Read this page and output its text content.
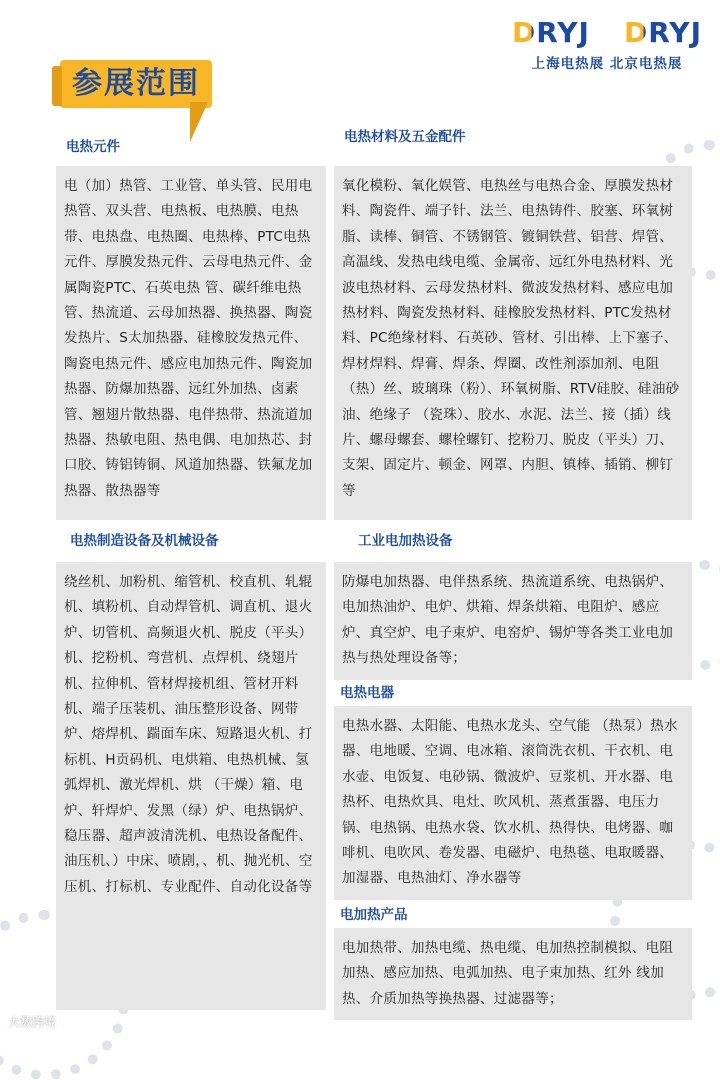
DRYJ DRYJ
上海电热展 北京电热展
参展范围
电热元件

电（加）热管、工业管、单头管、民用电热管、双头营、电热板、电热膜、电热带、电热盘、电热圈、电热棒、PTC电热元件、厚膜发热元件、云母电热元件、金属陶瓷PTC、石英电热 管、碳纤维电热管、热流道、云母加热器、换热器、陶瓷发热片、S太加热器、硅橡胶发热元件、陶瓷电热元件、感应电加热元件、陶瓷加热器、防爆加热器、远红外加热、卤素管、翘翅片散热器、电伴热带、热流道加热器、热敏电阻、热电偶、电加热芯、封口胶、铸铝铸铜、风道加热器、铁氟龙加热器、散热器等

电热材料及五金配件

氧化模粉、氧化娱管、电热丝与电热合金、厚膜发热材料、陶瓷件、端子针、法兰、电热铸件、胶塞、环氧树脂、读棒、铜管、不锈钢管、镀铜铁营、铝营、焊管、高温线、发热电线电缆、金属帝、远红外电热材料、光波电热材料、云母发热材料、微波发热材料、感应电加热材料、陶瓷发热材料、硅橡胶发热材料、PTC发热材料、PC绝缘材料、石英砂、管材、引出棒、上下塞子、焊材焊料、焊膏、焊条、焊圈、改性剂添加剂、电阻 （热）丝、玻璃珠（粉）、环氧树脂、RTV硅胶、硅油砂油、绝缘子 （瓷珠）、胶水、水泥、法兰、接（插）线片、螺母螺套、螺栓螺钉、挖粉刀、脱皮（平头）刀、支架、固定片、顿金、网罩、内胆、镇棒、插销、柳钉等

电热制造设备及机械设备

绕丝机、加粉机、缩管机、校直机、轧辊机、填粉机、自动焊管机、调直机、退火炉、切管机、高频退火机、脱皮（平头）机、挖粉机、弯营机、点焊机、绕翅片机、拉伸机、管材焊接机组、管材开料机、端子压装机、油压整形设备、网带炉、熔焊机、踹面车床、短路退火机、打标机、H贡码机、电烘箱、电热机械、氢弧焊机、激光焊机、烘 （干燥）箱、电炉、轩焊炉、发黑（绿）炉、电热锅炉、稳压器、超声波清洗机、电热设备配件、油压机、）中床、喷剧，、机、抛光机、空压机、打标机、专业配件、自动化设备等

工业电加热设备

防爆电加热器、电伴热系统、热流道系统、电热锅炉、电加热油炉、电炉、烘箱、焊条烘箱、电阻炉、感应炉、真空炉、电子束炉、电窑炉、锡炉等各类工业电加热与热处理设备等；

电热电器

电热水器、太阳能、电热水龙头、空气能 （热泵）热水器、电地暖、空调、电冰箱、滚筒洗衣机、干衣机、电水壶、电饭复、电砂锅、微波炉、豆浆机、开水器、电热杯、电热炊具、电灶、吹风机、蒸煮蛋器、电压力锅、电热锅、电热水袋、饮水机、热得快、电烤器、咖啡机、电吹风、卷发器、电磁炉、电热毯、电取暖器、加湿器、电热油灯、净水器等

电加热产品

电加热带、加热电缆、热电缆、电加热控制模拟、电阻加热、感应加热、电弧加热、电子束加热、红外 线加热、介质加热等换热器、过滤器等；

大数跨境
